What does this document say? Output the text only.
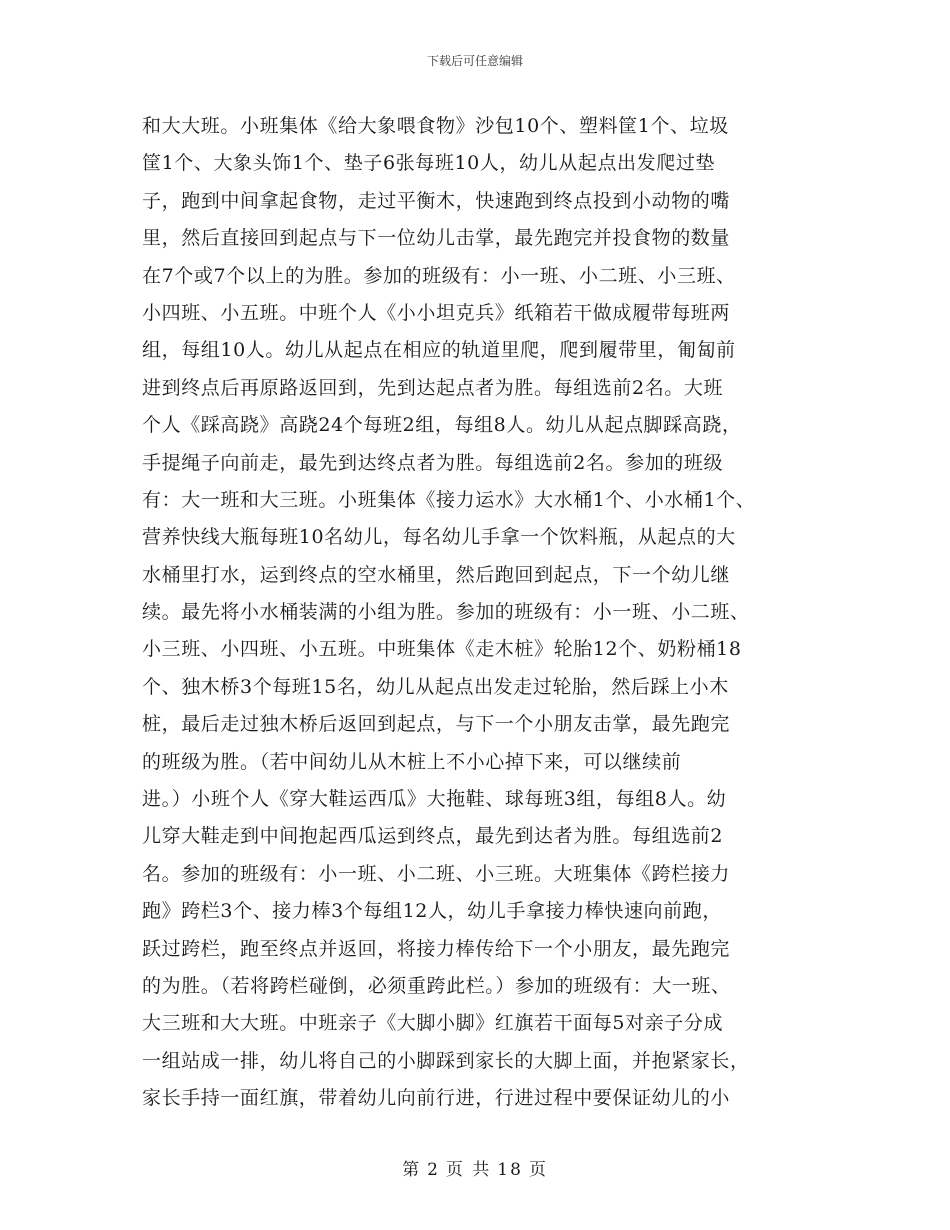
下载后可任意编辑
和大大班。小班集体《给大象喂食物》沙包10个、塑料筐1个、垃圾
筐1个、大象头饰1个、垫子6张每班10人，幼儿从起点出发爬过垫
子，跑到中间拿起食物，走过平衡木，快速跑到终点投到小动物的嘴
里，然后直接回到起点与下一位幼儿击掌，最先跑完并投食物的数量
在7个或7个以上的为胜。参加的班级有：小一班、小二班、小三班、
小四班、小五班。中班个人《小小坦克兵》纸箱若干做成履带每班两
组，每组10人。幼儿从起点在相应的轨道里爬，爬到履带里，匍匐前
进到终点后再原路返回到，先到达起点者为胜。每组选前2名。大班
个人《踩高跷》高跷24个每班2组，每组8人。幼儿从起点脚踩高跷，
手提绳子向前走，最先到达终点者为胜。每组选前2名。参加的班级
有：大一班和大三班。小班集体《接力运水》大水桶1个、小水桶1个、
营养快线大瓶每班10名幼儿，每名幼儿手拿一个饮料瓶，从起点的大
水桶里打水，运到终点的空水桶里，然后跑回到起点，下一个幼儿继
续。最先将小水桶装满的小组为胜。参加的班级有：小一班、小二班、
小三班、小四班、小五班。中班集体《走木桩》轮胎12个、奶粉桶18
个、独木桥3个每班15名，幼儿从起点出发走过轮胎，然后踩上小木
桩，最后走过独木桥后返回到起点，与下一个小朋友击掌，最先跑完
的班级为胜。（若中间幼儿从木桩上不小心掉下来，可以继续前
进。）小班个人《穿大鞋运西瓜》大拖鞋、球每班3组，每组8人。幼
儿穿大鞋走到中间抱起西瓜运到终点，最先到达者为胜。每组选前2
名。参加的班级有：小一班、小二班、小三班。大班集体《跨栏接力
跑》跨栏3个、接力棒3个每组12人，幼儿手拿接力棒快速向前跑，
跃过跨栏，跑至终点并返回，将接力棒传给下一个小朋友，最先跑完
的为胜。（若将跨栏碰倒，必须重跨此栏。）参加的班级有：大一班、
大三班和大大班。中班亲子《大脚小脚》红旗若干面每5对亲子分成
一组站成一排，幼儿将自己的小脚踩到家长的大脚上面，并抱紧家长，
家长手持一面红旗，带着幼儿向前行进，行进过程中要保证幼儿的小
第 2 页 共 18 页
